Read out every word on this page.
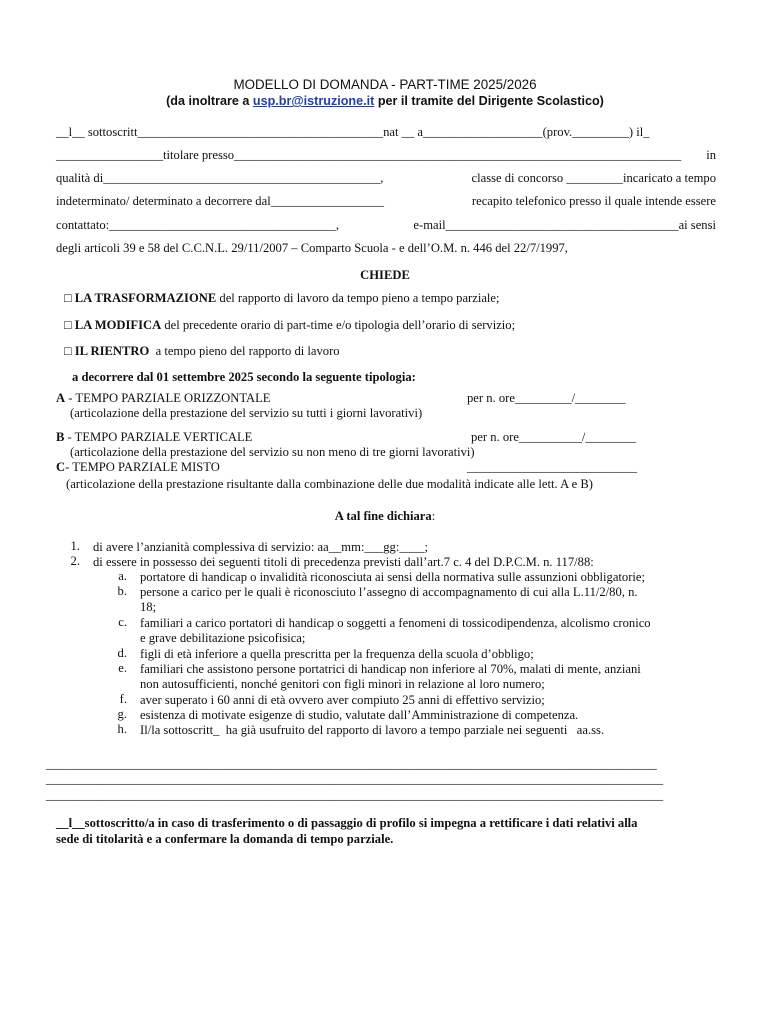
MODELLO DI DOMANDA - PART-TIME 2025/2026
(da inoltrare a usp.br@istruzione.it per il tramite del Dirigente Scolastico)
__l__ sottoscritt_______________________________________nat __ a___________________(prov._________) il_
_________________titolare presso_______________________________________________________________________ in
qualità di____________________________________________,	classe di concorso _________incaricato a tempo
indeterminato/ determinato a decorrere dal__________________	recapito telefonico presso il quale intende essere
contattato:____________________________________,	e-mail_____________________________________ai sensi
degli articoli 39 e 58 del C.C.N.L. 29/11/2007 – Comparto Scuola - e dell’O.M. n. 446 del 22/7/1997,
CHIEDE
□ LA TRASFORMAZIONE del rapporto di lavoro da tempo pieno a tempo parziale;
□ LA MODIFICA del precedente orario di part-time e/o tipologia dell’orario di servizio;
□ IL RIENTRO  a tempo pieno del rapporto di lavoro
a decorrere dal 01 settembre 2025 secondo la seguente tipologia:
A - TEMPO PARZIALE ORIZZONTALE	per n. ore_________/________
(articolazione della prestazione del servizio su tutti i giorni lavorativi)
B - TEMPO PARZIALE VERTICALE	per n. ore__________/________
(articolazione della prestazione del servizio su non meno di tre giorni lavorativi)
C- TEMPO PARZIALE MISTO	___________________________
(articolazione della prestazione risultante dalla combinazione delle due modalità indicate alle lett. A e B)
A tal fine dichiara:
1. di avere l’anzianità complessiva di servizio: aa__mm:___gg:____;
2. di essere in possesso dei seguenti titoli di precedenza previsti dall’art.7 c. 4 del D.P.C.M. n. 117/88:
a. portatore di handicap o invalidità riconosciuta ai sensi della normativa sulle assunzioni obbligatorie;
b. persone a carico per le quali è riconosciuto l’assegno di accompagnamento di cui alla L.11/2/80, n.
18;
c. familiari a carico portatori di handicap o soggetti a fenomeni di tossicodipendenza, alcolismo cronico
e grave debilitazione psicofisica;
d. figli di età inferiore a quella prescritta per la frequenza della scuola d’obbligo;
e. familiari che assistono persone portatrici di handicap non inferiore al 70%, malati di mente, anziani
non autosufficienti, nonché genitori con figli minori in relazione al loro numero;
f. aver superato i 60 anni di età ovvero aver compiuto 25 anni di effettivo servizio;
g. esistenza di motivate esigenze di studio, valutate dall’Amministrazione di competenza.
h. Il/la sottoscritt_  ha già usufruito del rapporto di lavoro a tempo parziale nei seguenti   aa.ss.
_________________________________________________________________________________________________
__________________________________________________________________________________________________
__________________________________________________________________________________________________
__l__sottoscritto/a in caso di trasferimento o di passaggio di profilo si impegna a rettificare i dati relativi alla
sede di titolarità e a confermare la domanda di tempo parziale.
